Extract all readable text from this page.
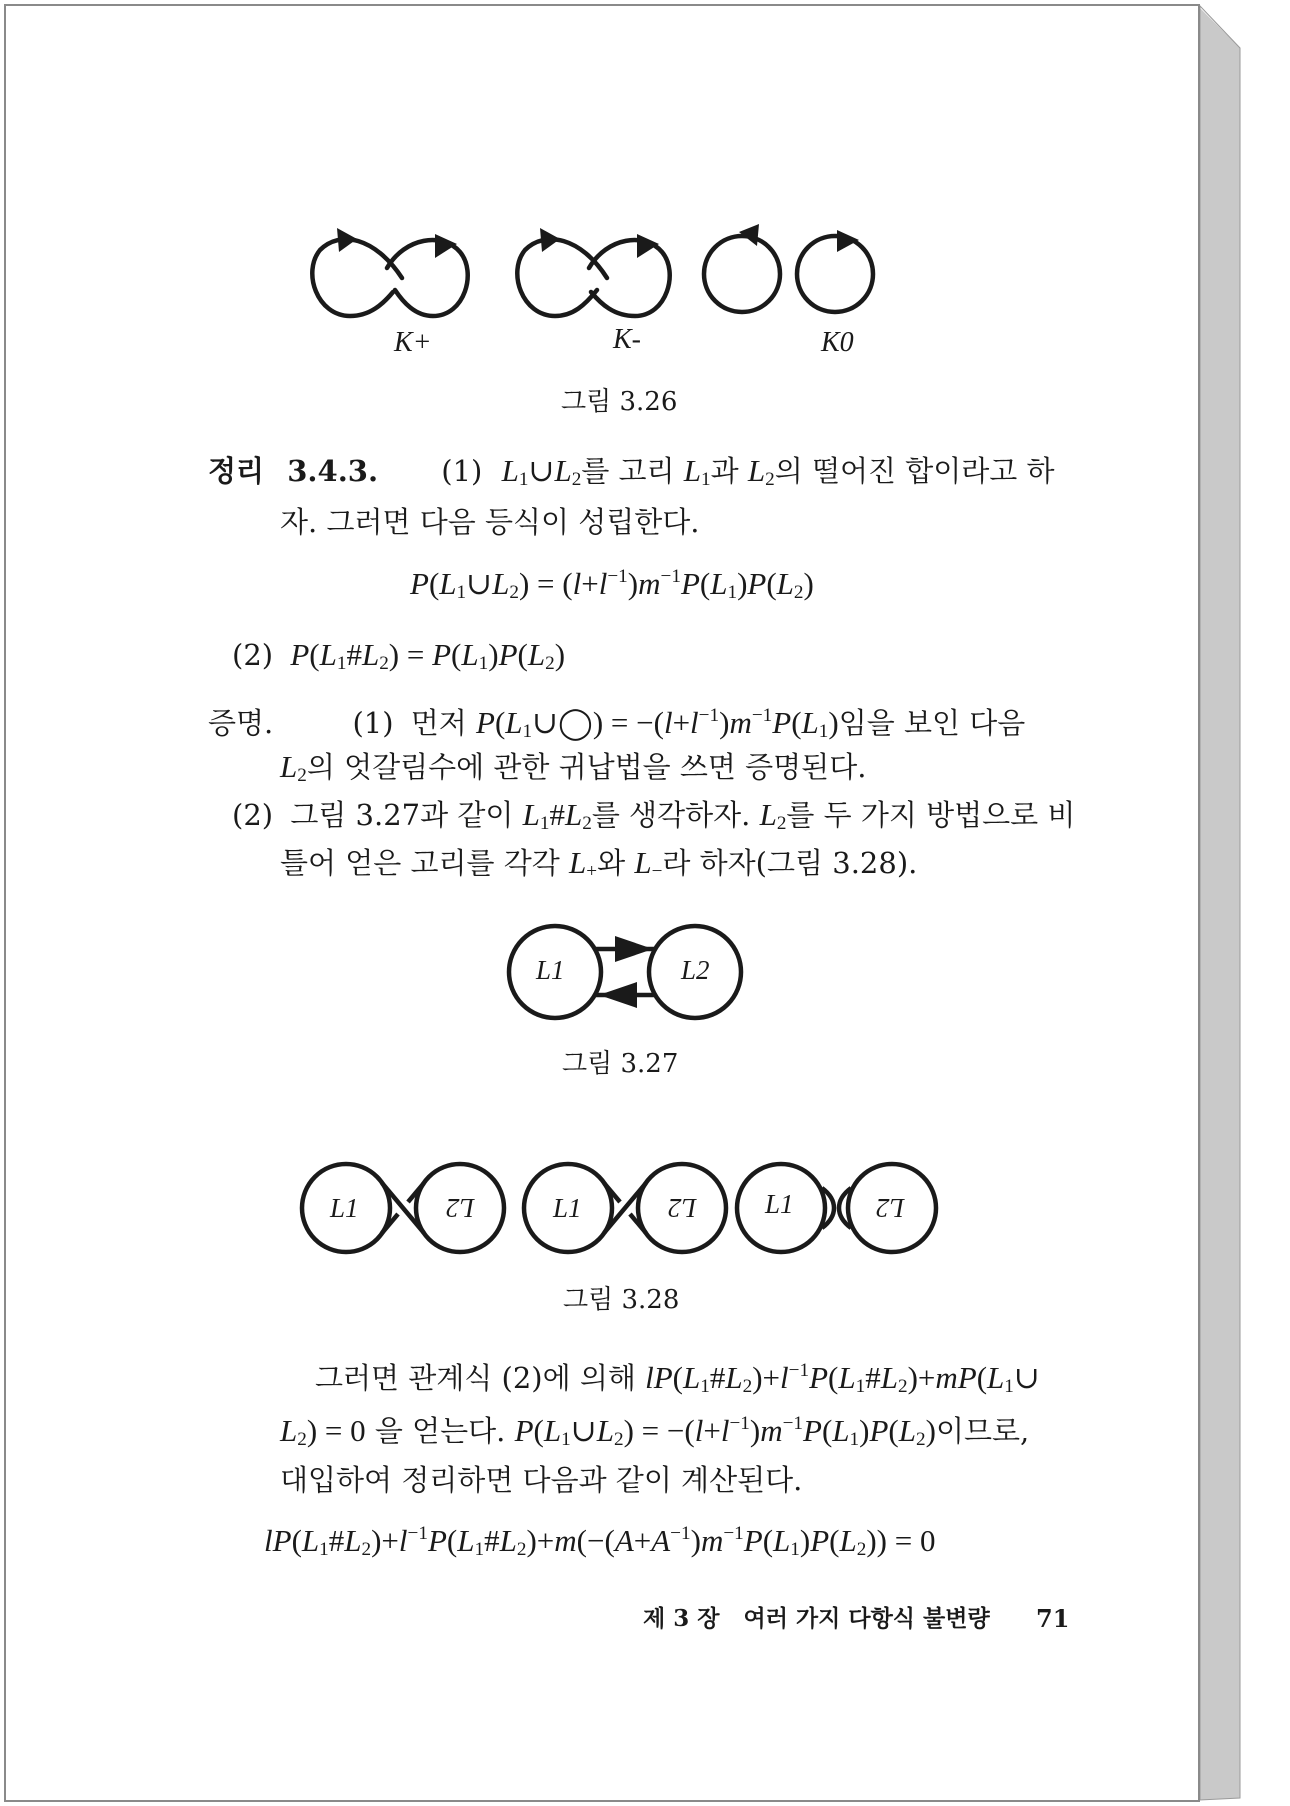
K+	K-	K0
그림 3.26
정리 3.4.3. (1) $L_1\cup L_2$를 고리 $L_1$과 $L_2$의 떨어진 합이라고 하
자. 그러면 다음 등식이 성립한다.
$P(L_1\cup L_2) = (l+l^{-1})m^{-1}P(L_1)P(L_2)$
(2) $P(L_1\#L_2) = P(L_1)P(L_2)$
증명.	(1) 먼저 $P(L_1\cup◯) = -(l+l^{-1})m^{-1}P(L_1)$임을 보인 다음
$L_2$의 엇갈림수에 관한 귀납법을 쓰면 증명된다.
(2) 그림 3.27과 같이 $L_1\#L_2$를 생각하자. $L_2$를 두 가지 방법으로 비
틀어 얻은 고리를 각각 $L_+$와 $L_-$라 하자(그림 3.28).
L1	L2
그림 3.27
L1	L2	L1	L2	L1	L2
그림 3.28
그러면 관계식 (2)에 의해 $lP(L_1\#L_2)+l^{-1}P(L_1\#L_2)+mP(L_1\cup$
$L_2) = 0$ 을 얻는다. $P(L_1\cup L_2) = -(l+l^{-1})m^{-1}P(L_1)P(L_2)$이므로,
대입하여 정리하면 다음과 같이 계산된다.
$lP(L_1\#L_2)+l^{-1}P(L_1\#L_2)+m(-(A+A^{-1})m^{-1}P(L_1)P(L_2)) = 0$
제 3 장   여러 가지 다항식 불변량 71
